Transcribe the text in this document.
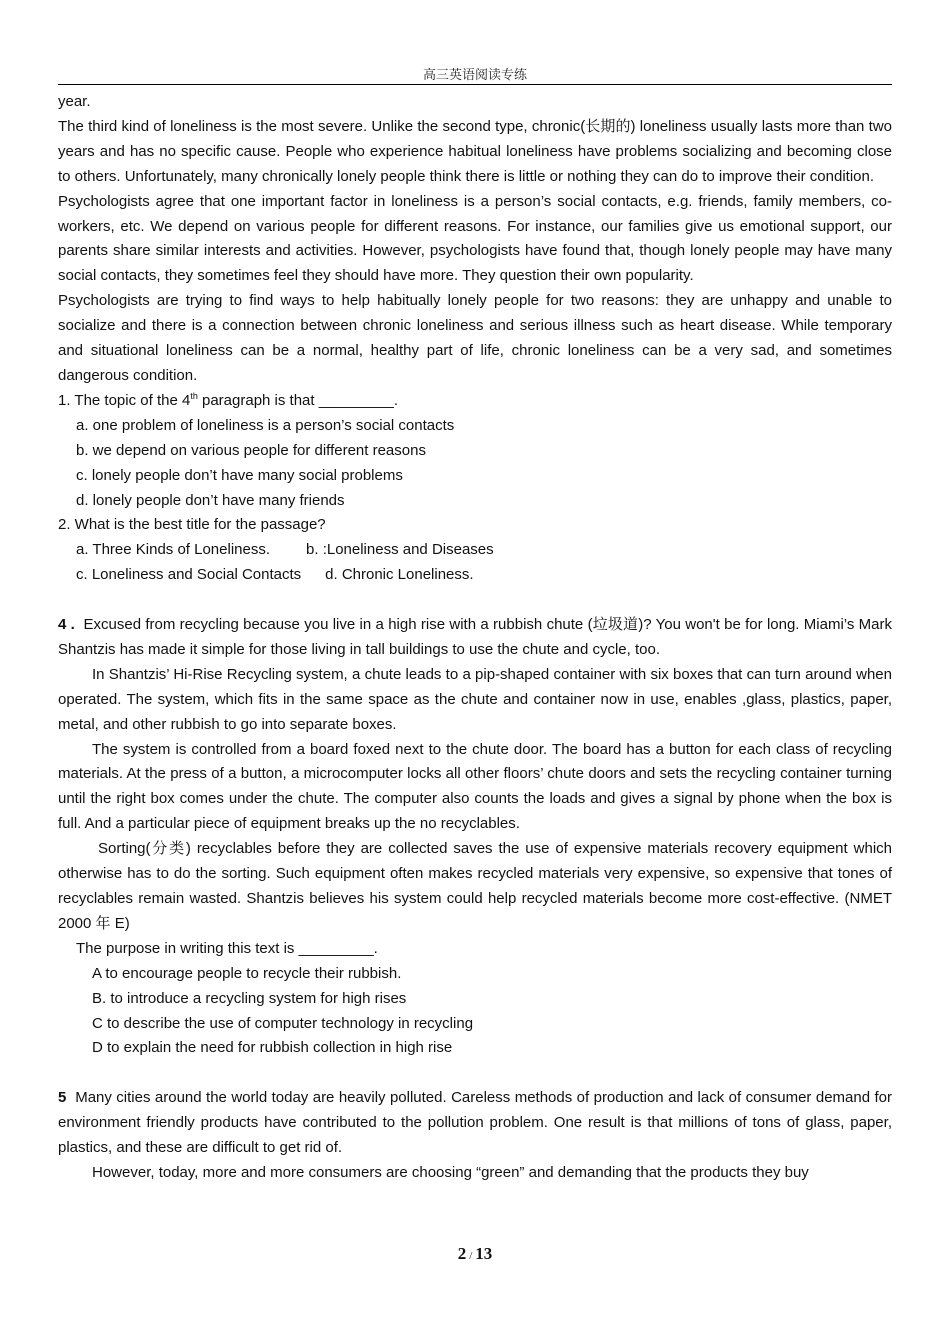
高三英语阅读专练

year.

The third kind of loneliness is the most severe. Unlike the second type, chronic(长期的) loneliness usually lasts more than two years and has no specific cause. People who experience habitual loneliness have problems socializing and becoming close to others. Unfortunately, many chronically lonely people think there is little or nothing they can do to improve their condition.

Psychologists agree that one important factor in loneliness is a person’s social contacts, e.g. friends, family members, co-workers, etc. We depend on various people for different reasons. For instance, our families give us emotional support, our parents share similar interests and activities. However, psychologists have found that, though lonely people may have many social contacts, they sometimes feel they should have more. They question their own popularity.

Psychologists are trying to find ways to help habitually lonely people for two reasons: they are unhappy and unable to socialize and there is a connection between chronic loneliness and serious illness such as heart disease. While temporary and situational loneliness can be a normal, healthy part of life, chronic loneliness can be a very sad, and sometimes dangerous condition.

1. The topic of the 4th paragraph is that _________.

a. one problem of loneliness is a person’s social contacts

b. we depend on various people for different reasons

c. lonely people don’t have many social problems

d. lonely people don’t have many friends

2. What is the best title for the passage?

a. Three Kinds of Loneliness. b. :Loneliness and Diseases

c. Loneliness and Social Contacts d. Chronic Loneliness.

4 . Excused from recycling because you live in a high rise with a rubbish chute (垃圾道)? You won't be for long. Miami’s Mark Shantzis has made it simple for those living in tall buildings to use the chute and cycle, too.

In Shantzis’ Hi-Rise Recycling system, a chute leads to a pip-shaped container with six boxes that can turn around when operated. The system, which fits in the same space as the chute and container now in use, enables ,glass, plastics, paper, metal, and other rubbish to go into separate boxes.

The system is controlled from a board foxed next to the chute door. The board has a button for each class of recycling materials. At the press of a button, a microcomputer locks all other floors’ chute doors and sets the recycling container turning until the right box comes under the chute. The computer also counts the loads and gives a signal by phone when the box is full. And a particular piece of equipment breaks up the no recyclables.

Sorting(分类) recyclables before they are collected saves the use of expensive materials recovery equipment which otherwise has to do the sorting. Such equipment often makes recycled materials very expensive, so expensive that tones of recyclables remain wasted. Shantzis believes his system could help recycled materials become more cost-effective. (NMET 2000 年 E)

The purpose in writing this text is _________.

A to encourage people to recycle their rubbish.

B. to introduce a recycling system for high rises

C to describe the use of computer technology in recycling

D to explain the need for rubbish collection in high rise

5 Many cities around the world today are heavily polluted. Careless methods of production and lack of consumer demand for environment friendly products have contributed to the pollution problem. One result is that millions of tons of glass, paper, plastics, and these are difficult to get rid of.

However, today, more and more consumers are choosing “green” and demanding that the products they buy

2 / 13
